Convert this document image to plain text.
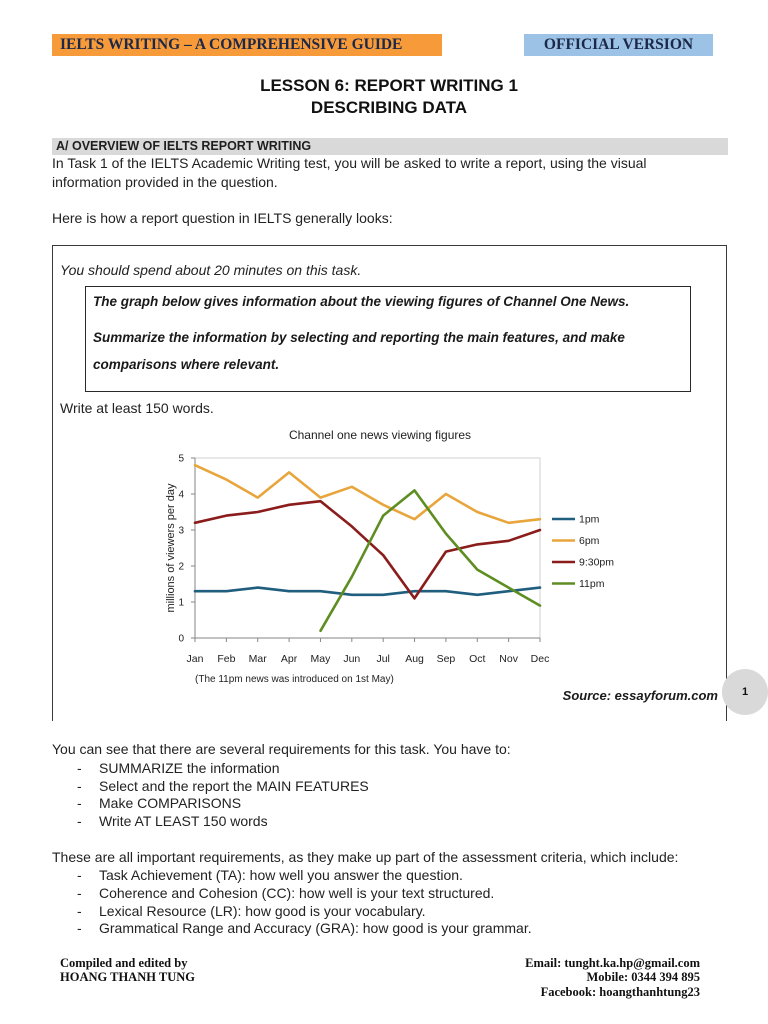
IELTS WRITING – A COMPREHENSIVE GUIDE	OFFICIAL VERSION
LESSON 6: REPORT WRITING 1
DESCRIBING DATA
A/ OVERVIEW OF IELTS REPORT WRITING
In Task 1 of the IELTS Academic Writing test, you will be asked to write a report, using the visual
information provided in the question.
Here is how a report question in IELTS generally looks:
You should spend about 20 minutes on this task.
The graph below gives information about the viewing figures of Channel One News.
Summarize the information by selecting and reporting the main features, and make
comparisons where relevant.
Write at least 150 words.
Channel one news viewing figures
millions of viewers per day
(The 11pm news was introduced on 1st May)
0
1
2
3
4
5
Jan Feb Mar Apr May Jun Jul Aug Sep Oct Nov Dec
1pm
6pm
9:30pm
11pm
Source: essayforum.com	1
You can see that there are several requirements for this task. You have to:
- SUMMARIZE the information
- Select and the report the MAIN FEATURES
- Make COMPARISONS
- Write AT LEAST 150 words
These are all important requirements, as they make up part of the assessment criteria, which include:
- Task Achievement (TA): how well you answer the question.
- Coherence and Cohesion (CC): how well is your text structured.
- Lexical Resource (LR): how good is your vocabulary.
- Grammatical Range and Accuracy (GRA): how good is your grammar.
Compiled and edited by
HOANG THANH TUNG
Email: tunght.ka.hp@gmail.com
Mobile: 0344 394 895
Facebook: hoangthanhtung23
